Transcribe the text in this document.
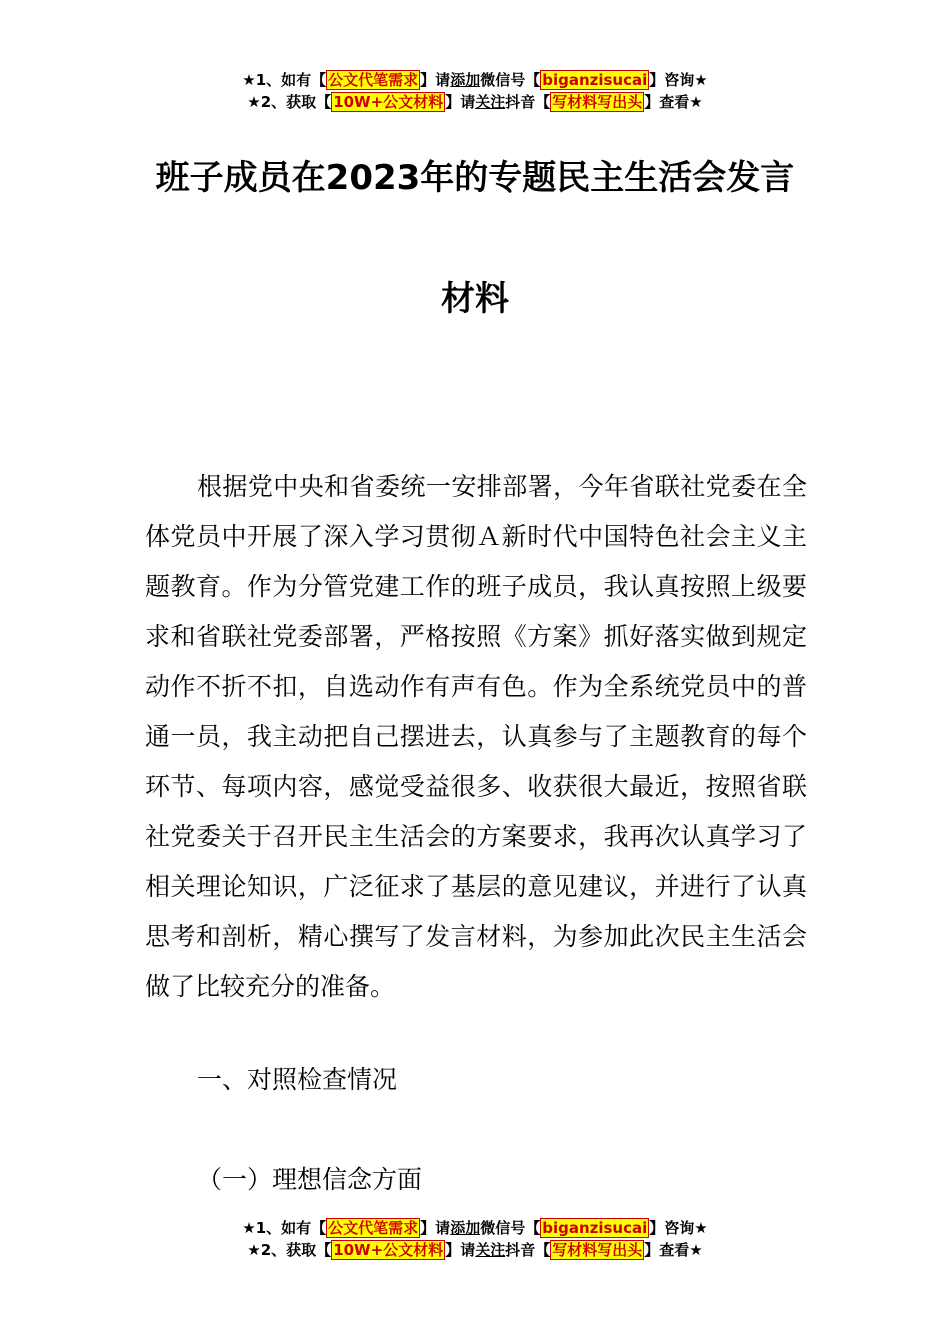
★1、如有【 公文代笔需求 】请添加微信号【 biganzisucai 】咨询★
★2、获取【 10W+公文材料 】请关注抖音【 写材料写出头 】查看★
班子成员在2023年的专题民主生活会发言
材料

根据党中央和省委统一安排部署，今年省联社党委在全体党员中开展了深入学习贯彻Ａ新时代中国特色社会主义主题教育。作为分管党建工作的班子成员，我认真按照上级要求和省联社党委部署，严格按照《方案》抓好落实做到规定动作不折不扣，自选动作有声有色。作为全系统党员中的普通一员，我主动把自己摆进去，认真参与了主题教育的每个环节、每项内容，感觉受益很多、收获很大最近，按照省联社党委关于召开民主生活会的方案要求，我再次认真学习了相关理论知识，广泛征求了基层的意见建议，并进行了认真思考和剖析，精心撰写了发言材料，为参加此次民主生活会做了比较充分的准备。

一、对照检查情况
（一）理想信念方面
★1、如有【 公文代笔需求 】请添加微信号【 biganzisucai 】咨询★
★2、获取【 10W+公文材料 】请关注抖音【 写材料写出头 】查看★
